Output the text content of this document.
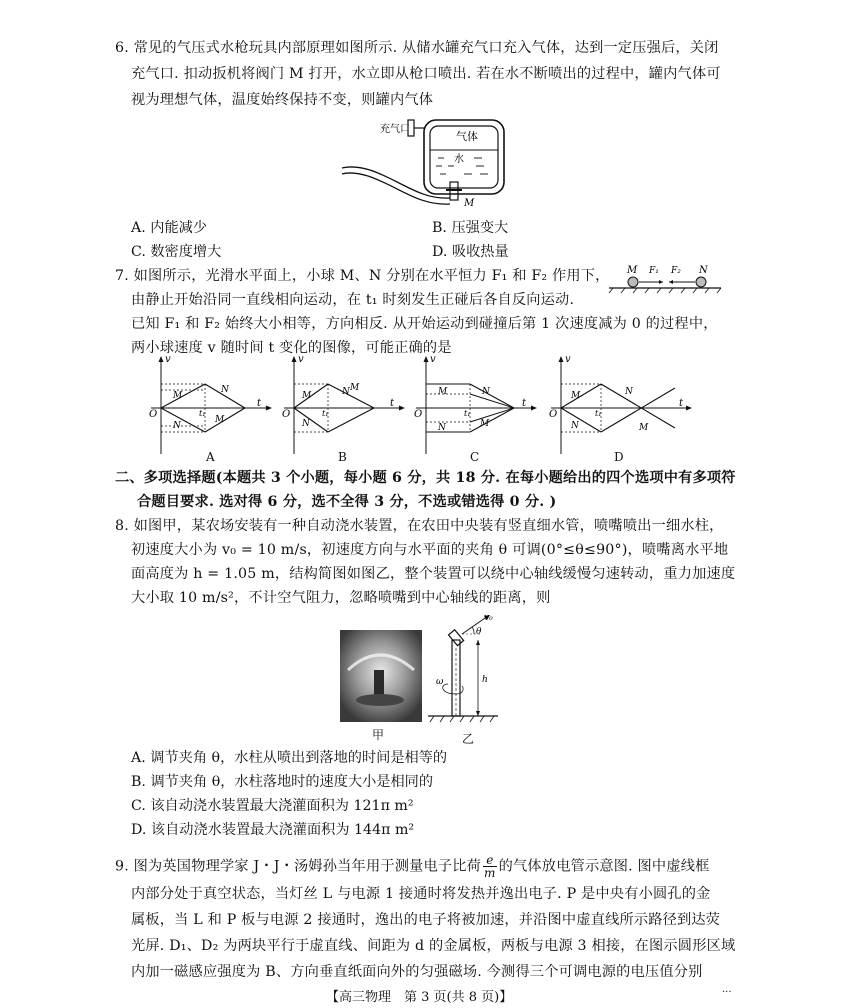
6. 常见的气压式水枪玩具内部原理如图所示. 从储水罐充气口充入气体，达到一定压强后，关闭
充气口. 扣动扳机将阀门 M 打开，水立即从枪口喷出. 若在水不断喷出的过程中，罐内气体可
视为理想气体，温度始终保持不变，则罐内气体
充气口
气体
水
M
A. 内能减少	B. 压强变大
C. 数密度增大	D. 吸收热量
7. 如图所示，光滑水平面上，小球 M、N 分别在水平恒力 F₁ 和 F₂ 作用下，
由静止开始沿同一直线相向运动，在 t₁ 时刻发生正碰后各自反向运动.
已知 F₁ 和 F₂ 始终大小相等，方向相反. 从开始运动到碰撞后第 1 次速度减为 0 的过程中，
两小球速度 v 随时间 t 变化的图像，可能正确的是
M F₁ F₂ N
v
t
O
M
N
N
M
t₁
A
v
t
O
M
N
N M
t₁
B
v
t
O
M
N
N
M
t₁
C
v
t
O
M
N
N
M
t₁
D
二、多项选择题(本题共 3 个小题，每小题 6 分，共 18 分. 在每小题给出的四个选项中有多项符
合题目要求. 选对得 6 分，选不全得 3 分，不选或错选得 0 分. )
8. 如图甲，某农场安装有一种自动浇水装置，在农田中央装有竖直细水管，喷嘴喷出一细水柱，
初速度大小为 v₀ = 10 m/s，初速度方向与水平面的夹角 θ 可调(0°≤θ≤90°)，喷嘴离水平地
面高度为 h = 1.05 m，结构简图如图乙，整个装置可以绕中心轴线缓慢匀速转动，重力加速度
大小取 10 m/s²，不计空气阻力，忽略喷嘴到中心轴线的距离，则
甲
v₀
θ
h
ω
乙
A. 调节夹角 θ，水柱从喷出到落地的时间是相等的
B. 调节夹角 θ，水柱落地时的速度大小是相同的
C. 该自动浇水装置最大浇灌面积为 121π m²
D. 该自动浇水装置最大浇灌面积为 144π m²
9. 图为英国物理学家 J・J・汤姆孙当年用于测量电子比荷 $\frac{e}{m}$ 的气体放电管示意图. 图中虚线框
内部分处于真空状态，当灯丝 L 与电源 1 接通时将发热并逸出电子. P 是中央有小圆孔的金
属板，当 L 和 P 板与电源 2 接通时，逸出的电子将被加速，并沿图中虚直线所示路径到达荧
光屏. D₁、D₂ 为两块平行于虚直线、间距为 d 的金属板，两板与电源 3 相接，在图示圆形区域
内加一磁感应强度为 B、方向垂直纸面向外的匀强磁场. 今测得三个可调电源的电压值分别
【高三物理　第 3 页(共 8 页)】
...
